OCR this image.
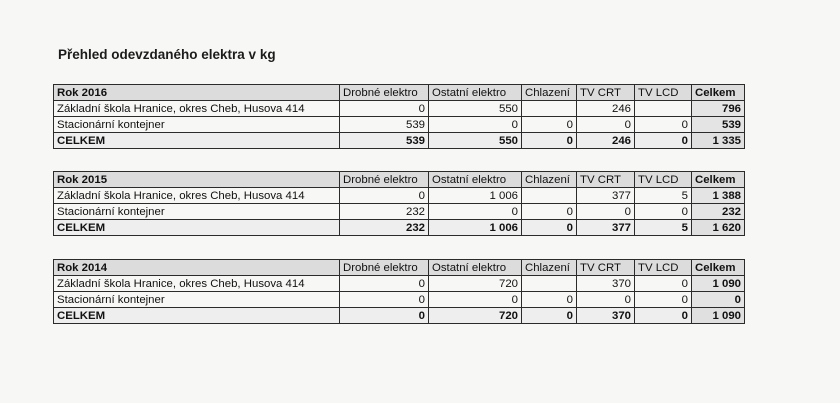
Přehled odevzdaného elektra v kg
Rok 2016	Drobné elektro	Ostatní elektro	Chlazení	TV CRT	TV LCD	Celkem
Základní škola Hranice, okres Cheb, Husova 414	0	550		246		796
Stacionární kontejner	539	0	0	0	0	539
CELKEM	539	550	0	246	0	1 335
Rok 2015	Drobné elektro	Ostatní elektro	Chlazení	TV CRT	TV LCD	Celkem
Základní škola Hranice, okres Cheb, Husova 414	0	1 006		377	5	1 388
Stacionární kontejner	232	0	0	0	0	232
CELKEM	232	1 006	0	377	5	1 620
Rok 2014	Drobné elektro	Ostatní elektro	Chlazení	TV CRT	TV LCD	Celkem
Základní škola Hranice, okres Cheb, Husova 414	0	720		370	0	1 090
Stacionární kontejner	0	0	0	0	0	0
CELKEM	0	720	0	370	0	1 090
